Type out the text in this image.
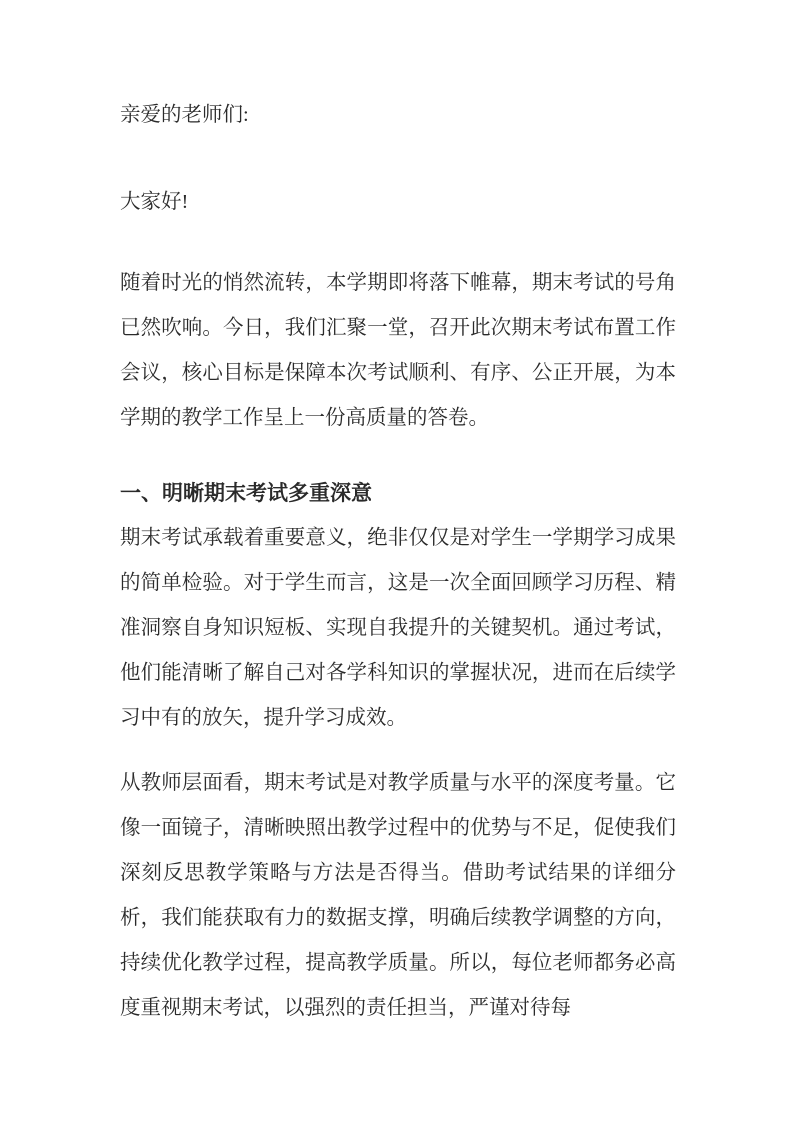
亲爱的老师们:

大家好!

随着时光的悄然流转，本学期即将落下帷幕，期末考试的号角已然吹响。今日，我们汇聚一堂，召开此次期末考试布置工作会议，核心目标是保障本次考试顺利、有序、公正开展，为本学期的教学工作呈上一份高质量的答卷。

一、明晰期末考试多重深意

期末考试承载着重要意义，绝非仅仅是对学生一学期学习成果的简单检验。对于学生而言，这是一次全面回顾学习历程、精准洞察自身知识短板、实现自我提升的关键契机。通过考试，他们能清晰了解自己对各学科知识的掌握状况，进而在后续学习中有的放矢，提升学习成效。

从教师层面看，期末考试是对教学质量与水平的深度考量。它像一面镜子，清晰映照出教学过程中的优势与不足，促使我们深刻反思教学策略与方法是否得当。借助考试结果的详细分析，我们能获取有力的数据支撑，明确后续教学调整的方向，持续优化教学过程，提高教学质量。所以，每位老师都务必高度重视期末考试，以强烈的责任担当，严谨对待每
